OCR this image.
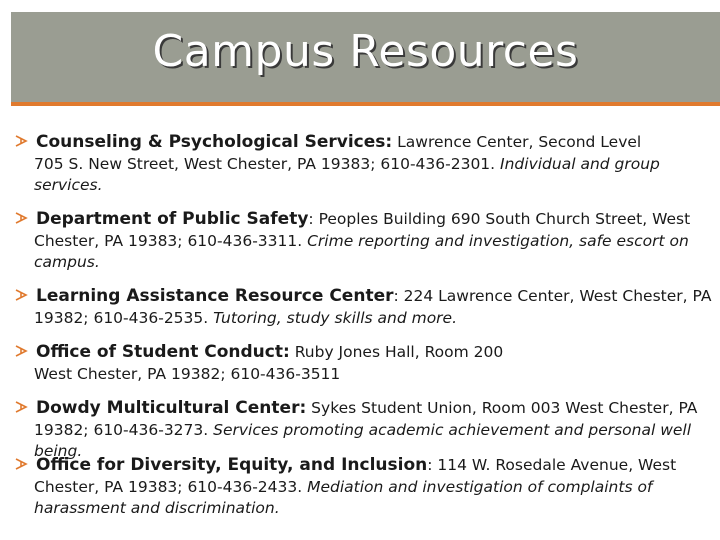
Campus Resources
Counseling & Psychological Services: Lawrence Center, Second Level
705 S. New Street, West Chester, PA 19383; 610-436-2301. Individual and group services.
Department of Public Safety: Peoples Building 690 South Church Street, West
Chester, PA 19383; 610-436-3311. Crime reporting and investigation, safe escort on campus.
Learning Assistance Resource Center: 224 Lawrence Center, West Chester, PA
19382; 610-436-2535. Tutoring, study skills and more.
Office of Student Conduct: Ruby Jones Hall, Room 200
West Chester, PA 19382; 610-436-3511
Dowdy Multicultural Center: Sykes Student Union, Room 003 West Chester, PA
19382; 610-436-3273. Services promoting academic achievement and personal well being.
Office for Diversity, Equity, and Inclusion: 114 W. Rosedale Avenue, West
Chester, PA 19383; 610-436-2433. Mediation and investigation of complaints of harassment and discrimination.
